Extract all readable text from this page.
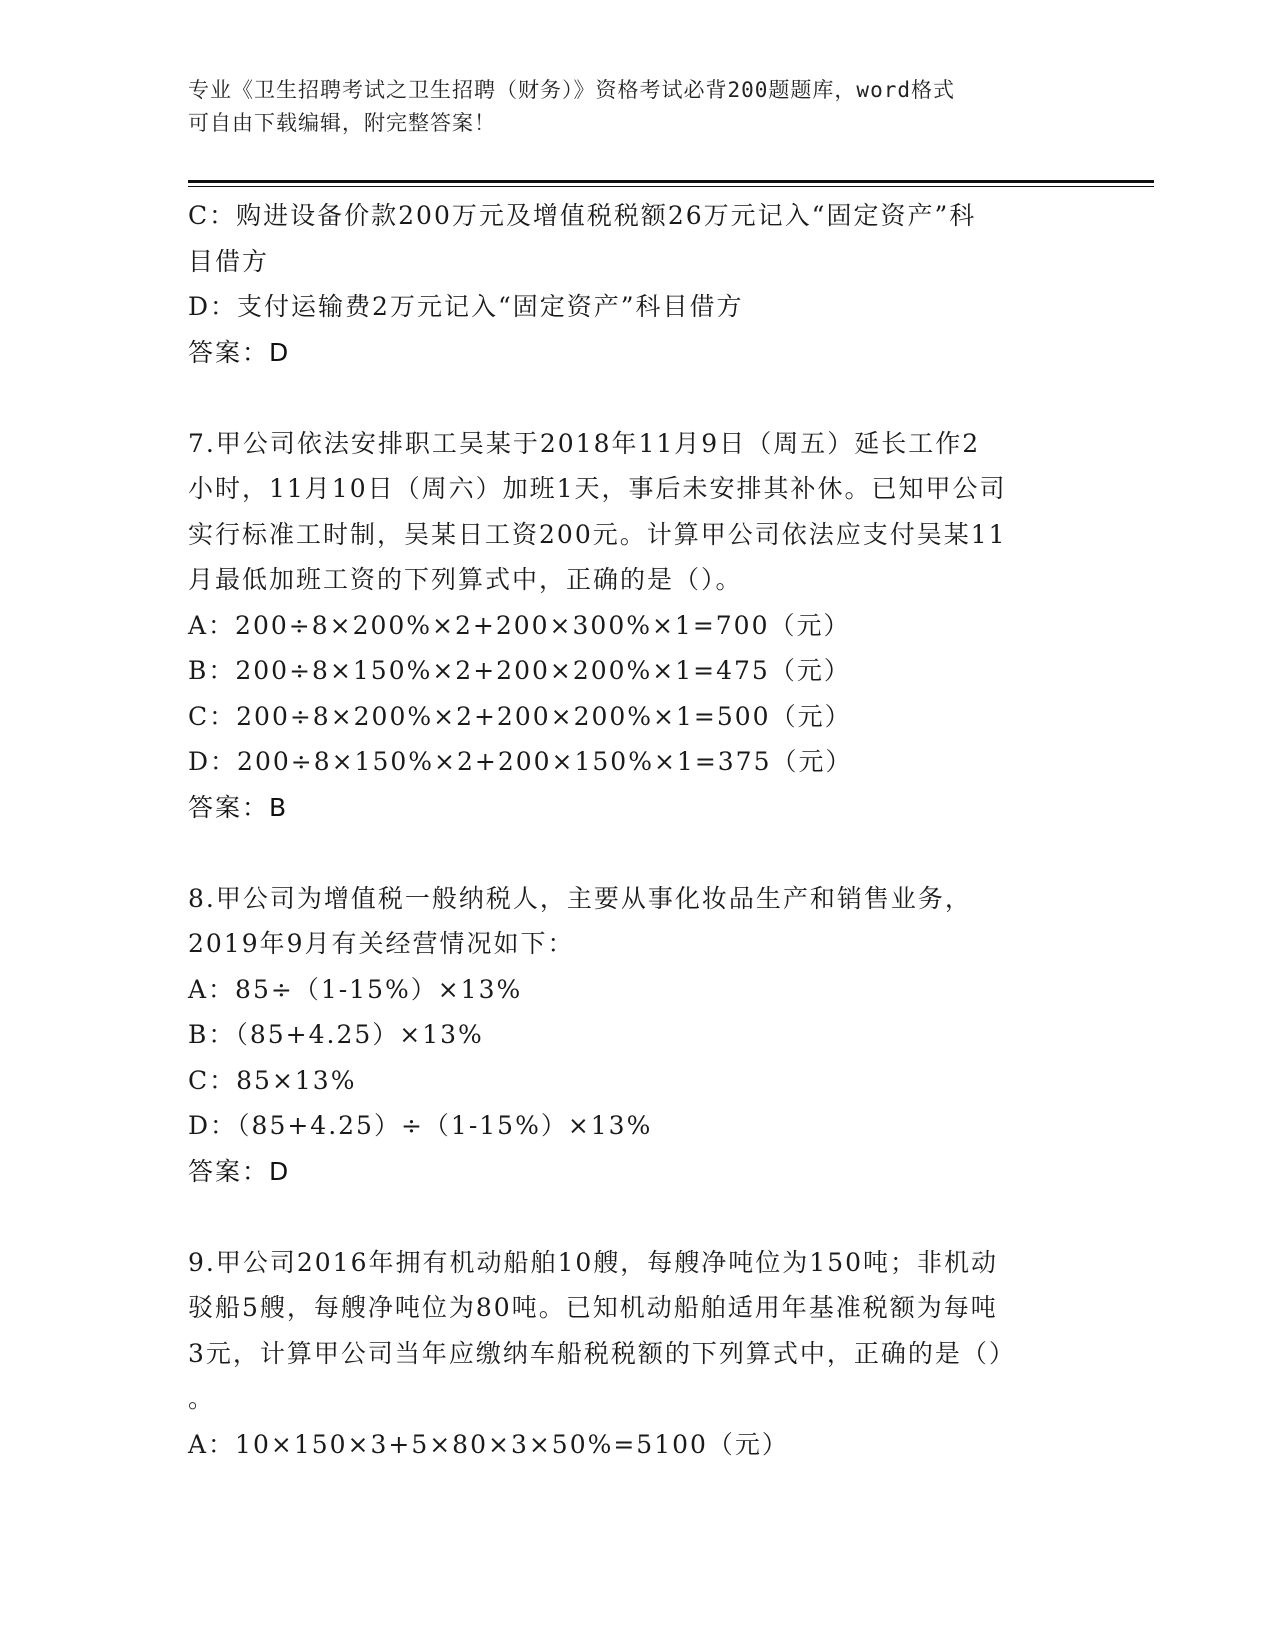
专业《卫生招聘考试之卫生招聘（财务）》资格考试必背200题题库，word格式
可自由下载编辑，附完整答案！
C：购进设备价款200万元及增值税税额26万元记入“固定资产”科
目借方
D：支付运输费2万元记入“固定资产”科目借方
答案：D
7.甲公司依法安排职工吴某于2018年11月9日（周五）延长工作2
小时，11月10日（周六）加班1天，事后未安排其补休。已知甲公司
实行标准工时制，吴某日工资200元。计算甲公司依法应支付吴某11
月最低加班工资的下列算式中，正确的是（）。
A：200÷8×200%×2+200×300%×1=700（元）
B：200÷8×150%×2+200×200%×1=475（元）
C：200÷8×200%×2+200×200%×1=500（元）
D：200÷8×150%×2+200×150%×1=375（元）
答案：B
8.甲公司为增值税一般纳税人，主要从事化妆品生产和销售业务，
2019年9月有关经营情况如下：
A：85÷（1-15%）×13%
B：（85+4.25）×13%
C：85×13%
D：（85+4.25）÷（1-15%）×13%
答案：D
9.甲公司2016年拥有机动船舶10艘，每艘净吨位为150吨；非机动
驳船5艘，每艘净吨位为80吨。已知机动船舶适用年基准税额为每吨
3元，计算甲公司当年应缴纳车船税税额的下列算式中，正确的是（）
。
A：10×150×3+5×80×3×50%=5100（元）
